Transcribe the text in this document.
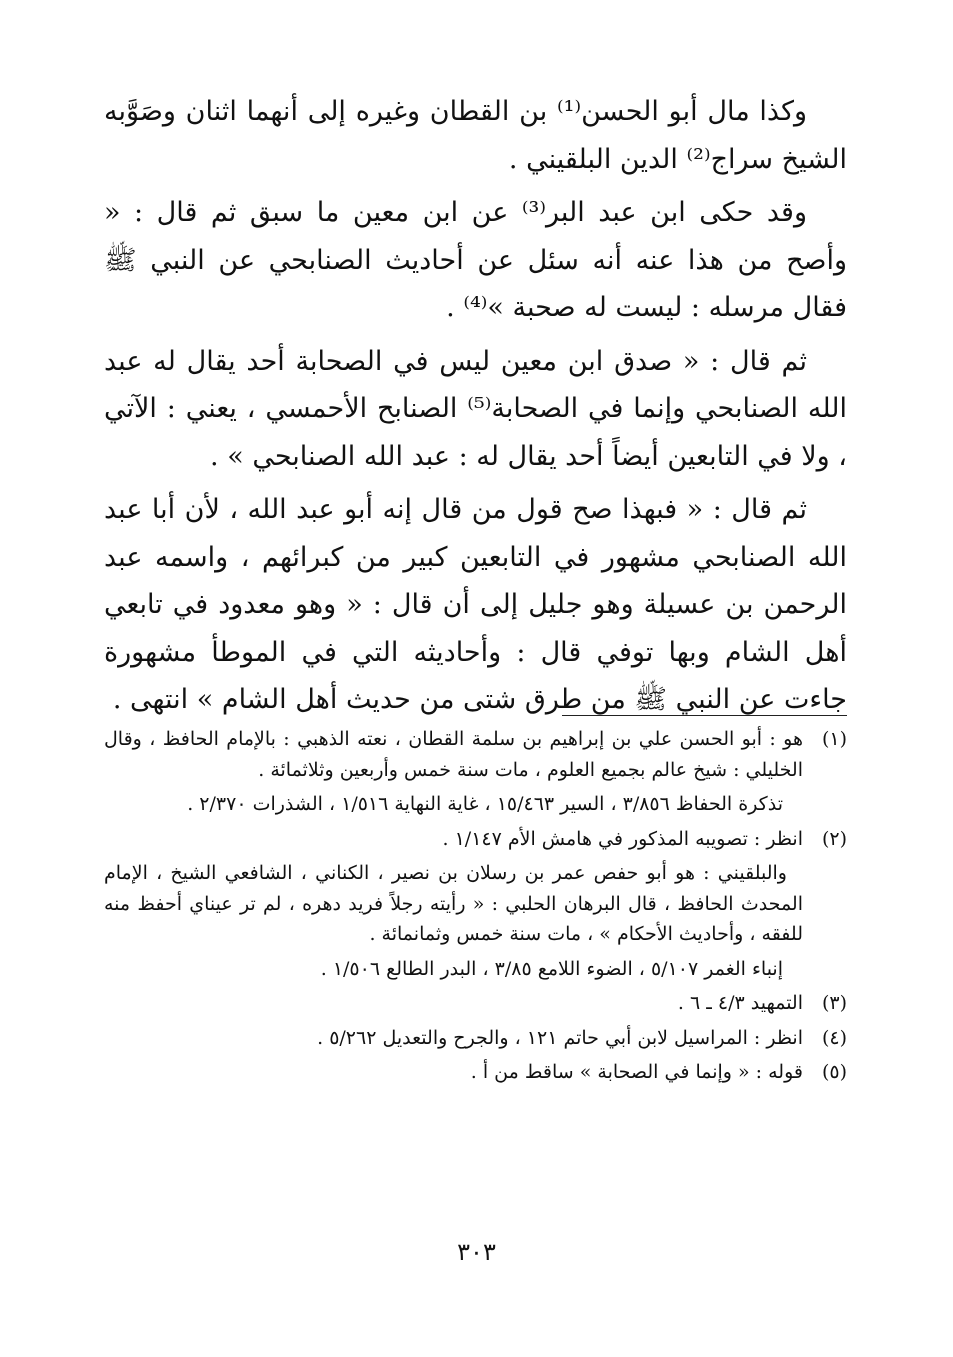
وكذا مال أبو الحسن⁽¹⁾ بن القطان وغيره إلى أنهما اثنان وصَوَّبه الشيخ سراج⁽²⁾ الدين البلقيني .

وقد حكى ابن عبد البر⁽³⁾ عن ابن معين ما سبق ثم قال : « وأصح من هذا عنه أنه سئل عن أحاديث الصنابحي عن النبي ﷺ فقال مرسله : ليست له صحبة »⁽⁴⁾ .

ثم قال : « صدق ابن معين ليس في الصحابة أحد يقال له عبد الله الصنابحي وإنما في الصحابة⁽⁵⁾ الصنابح الأحمسي ، يعني : الآتي ، ولا في التابعين أيضاً أحد يقال له : عبد الله الصنابحي » .

ثم قال : « فبهذا صح قول من قال إنه أبو عبد الله ، لأن أبا عبد الله الصنابحي مشهور في التابعين كبير من كبرائهم ، واسمه عبد الرحمن بن عسيلة وهو جليل إلى أن قال : « وهو معدود في تابعي أهل الشام وبها توفي قال : وأحاديثه التي في الموطأ مشهورة جاءت عن النبي ﷺ من طرق شتى من حديث أهل الشام » انتهى .

(١)

هو : أبو الحسن علي بن إبراهيم بن سلمة القطان ، نعته الذهبي : بالإمام الحافظ ، وقال الخليلي : شيخ عالم بجميع العلوم ، مات سنة خمس وأربعين وثلاثمائة .

تذكرة الحفاظ ٣/٨٥٦ ، السير ١٥/٤٦٣ ، غاية النهاية ١/٥١٦ ، الشذرات ٢/٣٧٠ .

(٢)

انظر : تصويبه المذكور في هامش الأم ١/١٤٧ .

والبلقيني : هو أبو حفص عمر بن رسلان بن نصير ، الكناني ، الشافعي الشيخ ، الإمام المحدث الحافظ ، قال البرهان الحلبي : « رأيته رجلاً فريد دهره ، لم تر عيناي أحفظ منه للفقه ، وأحاديث الأحكام » ، مات سنة خمس وثمانمائة .

إنباء الغمر ٥/١٠٧ ، الضوء اللامع ٣/٨٥ ، البدر الطالع ١/٥٠٦ .

(٣)

التمهيد ٤/٣ ـ ٦ .

(٤)

انظر : المراسيل لابن أبي حاتم ١٢١ ، والجرح والتعديل ٥/٢٦٢ .

(٥)

قوله : « وإنما في الصحابة » ساقط من أ .

٣٠٣
